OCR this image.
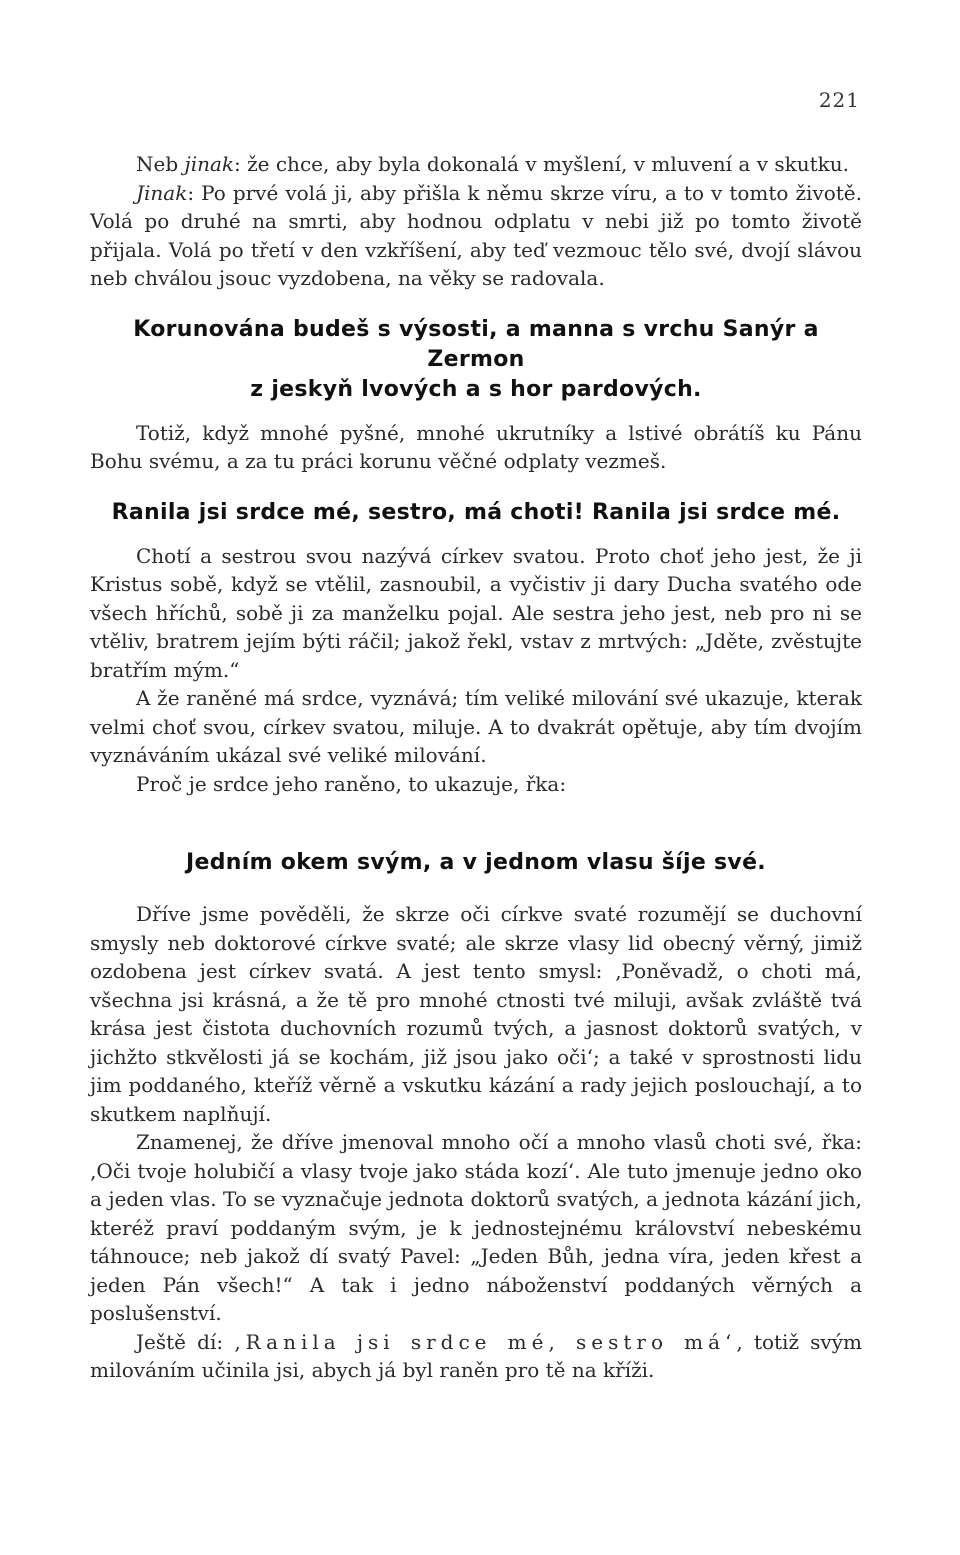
221

Neb jinak: že chce, aby byla dokonalá v myšlení, v mluvení a v skutku.

Jinak: Po prvé volá ji, aby přišla k němu skrze víru, a to v tomto životě. Volá po druhé na smrti, aby hodnou odplatu v nebi již po tomto životě přijala. Volá po třetí v den vzkříšení, aby teď vezmouc tělo své, dvojí slávou neb chválou jsouc vyzdobena, na věky se radovala.

Korunována budeš s výsosti, a manna s vrchu Sanýr a Zermon
z jeskyň lvových a s hor pardových.

Totiž, když mnohé pyšné, mnohé ukrutníky a lstivé obrátíš ku Pánu Bohu svému, a za tu práci korunu věčné odplaty vezmeš.

Ranila jsi srdce mé, sestro, má choti! Ranila jsi srdce mé.

Chotí a sestrou svou nazývá církev svatou. Proto choť jeho jest, že ji Kristus sobě, když se vtělil, zasnoubil, a vyčistiv ji dary Ducha svatého ode všech hříchů, sobě ji za manželku pojal. Ale sestra jeho jest, neb pro ni se vtěliv, bratrem jejím býti ráčil; jakož řekl, vstav z mrtvých: „Jděte, zvěstujte bratřím mým.“

A že raněné má srdce, vyznává; tím veliké milování své ukazuje, kterak velmi choť svou, církev svatou, miluje. A to dvakrát opětuje, aby tím dvojím vyznáváním ukázal své veliké milování.

Proč je srdce jeho raněno, to ukazuje, řka:

Jedním okem svým, a v jednom vlasu šíje své.

Dříve jsme pověděli, že skrze oči církve svaté rozumějí se duchovní smysly neb doktorové církve svaté; ale skrze vlasy lid obecný věrný, jimiž ozdobena jest církev svatá. A jest tento smysl: ‚Poněvadž, o choti má, všechna jsi krásná, a že tě pro mnohé ctnosti tvé miluji, avšak zvláště tvá krása jest čistota duchovních rozumů tvých, a jasnost doktorů svatých, v jichžto stkvělosti já se kochám, již jsou jako oči‘; a také v sprostnosti lidu jim poddaného, kteříž věrně a vskutku kázání a rady jejich poslouchají, a to skutkem naplňují.

Znamenej, že dříve jmenoval mnoho očí a mnoho vlasů choti své, řka: ‚Oči tvoje holubičí a vlasy tvoje jako stáda kozí‘. Ale tuto jmenuje jedno oko a jeden vlas. To se vyznačuje jednota doktorů svatých, a jednota kázání jich, kteréž praví poddaným svým, je k jednostejnému království nebeskému táhnouce; neb jakož dí svatý Pavel: „Jeden Bůh, jedna víra, jeden křest a jeden Pán všech!“ A tak i jedno náboženství poddaných věrných a poslušenství.

Ještě dí: ‚Ranila jsi srdce mé, sestro má‘, totiž svým milováním učinila jsi, abych já byl raněn pro tě na kříži.
